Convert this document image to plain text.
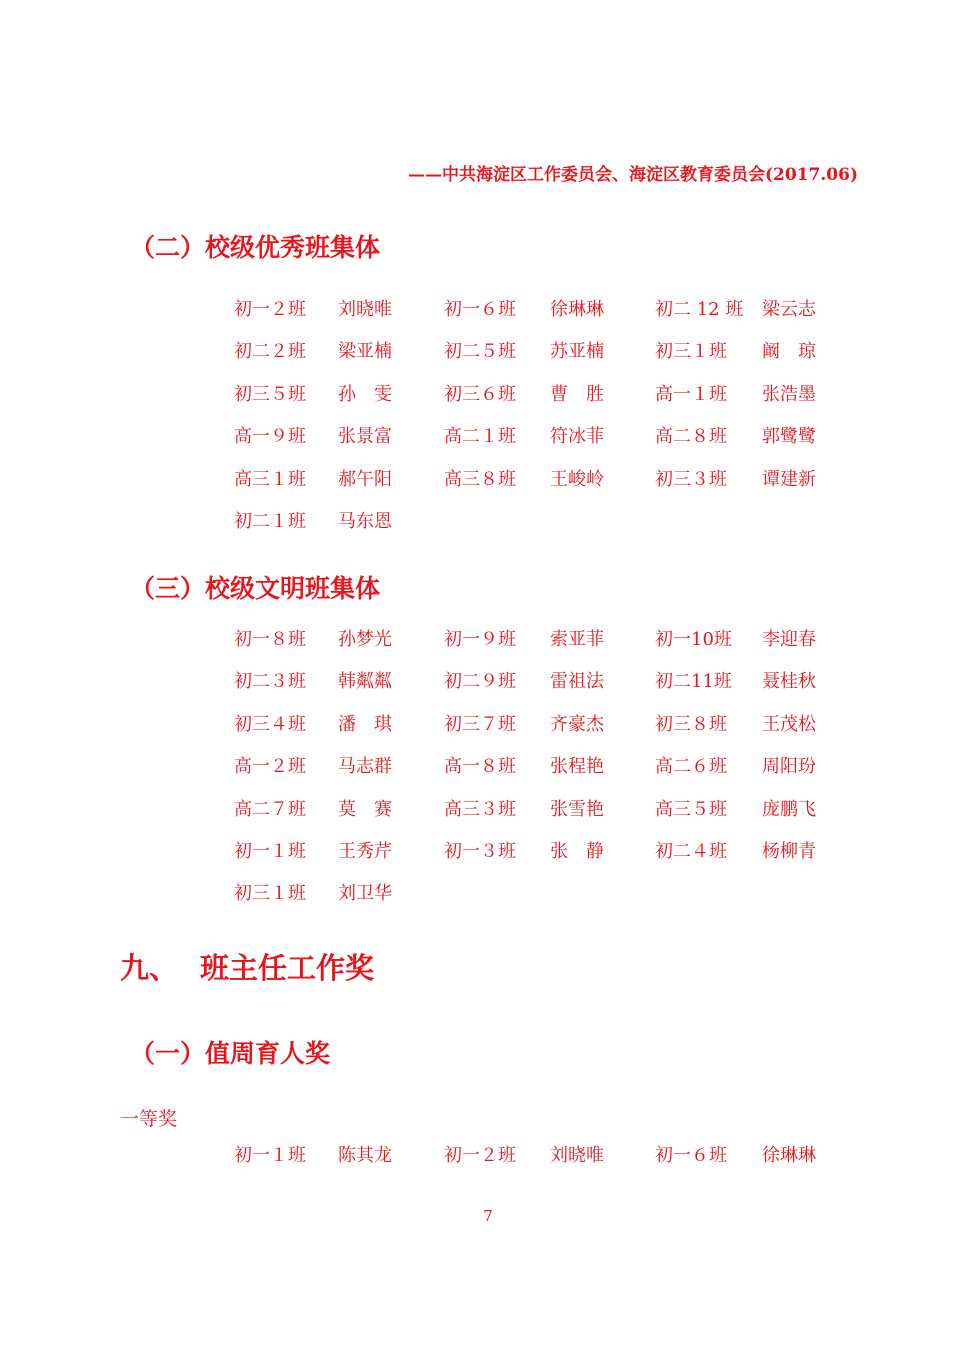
——中共海淀区工作委员会、海淀区教育委员会(2017.06)
（二）校级优秀班集体
初一２班 刘晓唯	初一６班 徐琳琳	初二 12 班 梁云志
初二２班 梁亚楠	初二５班 苏亚楠	初三１班 阚　琼
初三５班 孙　雯	初三６班 曹　胜	高一１班 张浩墨
高一９班 张景富	高二１班 符冰菲	高二８班 郭鹭鹭
高三１班 郝午阳	高三８班 王峻岭	初三３班 谭建新
初二１班 马东恩
（三）校级文明班集体
初一８班 孙梦光	初一９班 索亚菲	初一10班 李迎春
初二３班 韩粼粼	初二９班 雷祖法	初二11班 聂桂秋
初三４班 潘　琪	初三７班 齐豪杰	初三８班 王茂松
高一２班 马志群	高一８班 张程艳	高二６班 周阳玢
高二７班 莫　赛	高三３班 张雪艳	高三５班 庞鹏飞
初一１班 王秀芹	初一３班 张　静	初二４班 杨柳青
初三１班 刘卫华
九、 班主任工作奖
（一）值周育人奖
一等奖
初一１班 陈其龙	初一２班 刘晓唯	初一６班 徐琳琳
7
